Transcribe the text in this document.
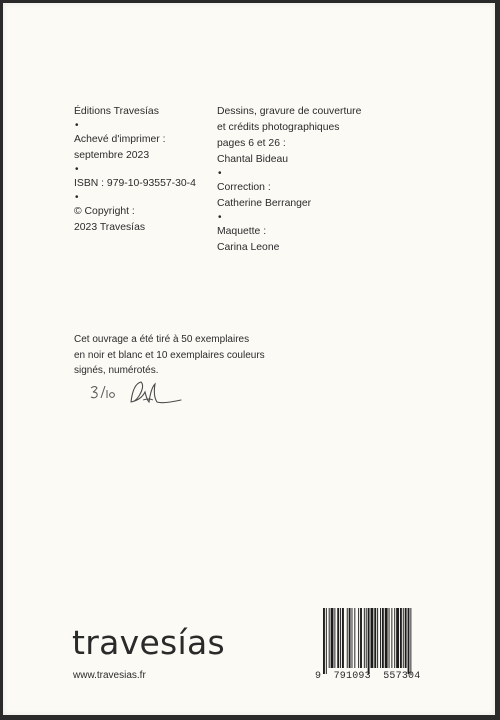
Éditions Travesías

•

Achevé d'imprimer :

septembre 2023

•

ISBN : 979-10-93557-30-4

•

© Copyright :

2023 Travesías

Dessins, gravure de couverture

et crédits photographiques

pages 6 et 26 :

Chantal Bideau

•

Correction :

Catherine Berranger

•

Maquette :

Carina Leone

Cet ouvrage a été tiré à 50 exemplaires

en noir et blanc et 10 exemplaires couleurs

signés, numérotés.

travesías
www.travesias.fr	9  791093  557304
